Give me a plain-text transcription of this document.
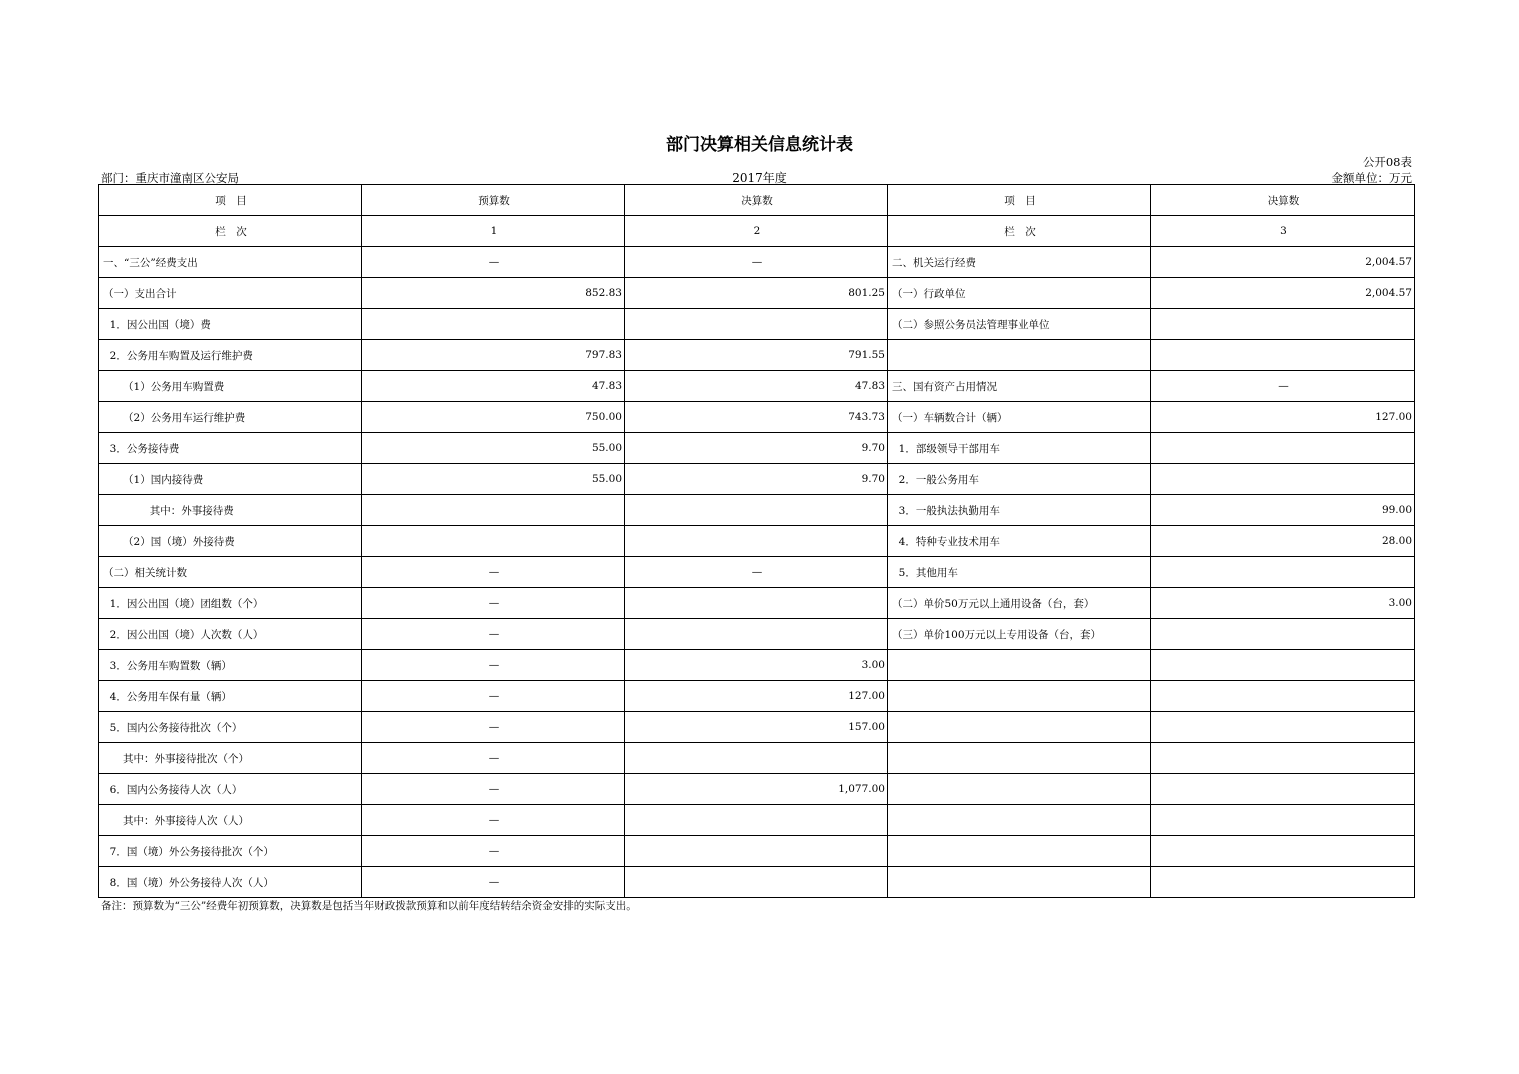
部门决算相关信息统计表
公开08表
部门：重庆市潼南区公安局	2017年度	金额单位：万元
项　目	预算数	决算数	项　目	决算数
栏　次	1	2	栏　次	3
一、“三公”经费支出	—	—	二、机关运行经费	2,004.57
（一）支出合计	852.83	801.25	（一）行政单位	2,004.57
1．因公出国（境）费			（二）参照公务员法管理事业单位	
2．公务用车购置及运行维护费	797.83	791.55		
（1）公务用车购置费	47.83	47.83	三、国有资产占用情况	—
（2）公务用车运行维护费	750.00	743.73	（一）车辆数合计（辆）	127.00
3．公务接待费	55.00	9.70	1．部级领导干部用车	
（1）国内接待费	55.00	9.70	2．一般公务用车	
其中：外事接待费			3．一般执法执勤用车	99.00
（2）国（境）外接待费			4．特种专业技术用车	28.00
（二）相关统计数	—	—	5．其他用车	
1．因公出国（境）团组数（个）	—		（二）单价50万元以上通用设备（台，套）	3.00
2．因公出国（境）人次数（人）	—		（三）单价100万元以上专用设备（台，套）	
3．公务用车购置数（辆）	—	3.00		
4．公务用车保有量（辆）	—	127.00		
5．国内公务接待批次（个）	—	157.00		
其中：外事接待批次（个）	—			
6．国内公务接待人次（人）	—	1,077.00		
其中：外事接待人次（人）	—			
7．国（境）外公务接待批次（个）	—			
8．国（境）外公务接待人次（人）	—			
备注：预算数为“三公”经费年初预算数，决算数是包括当年财政拨款预算和以前年度结转结余资金安排的实际支出。
